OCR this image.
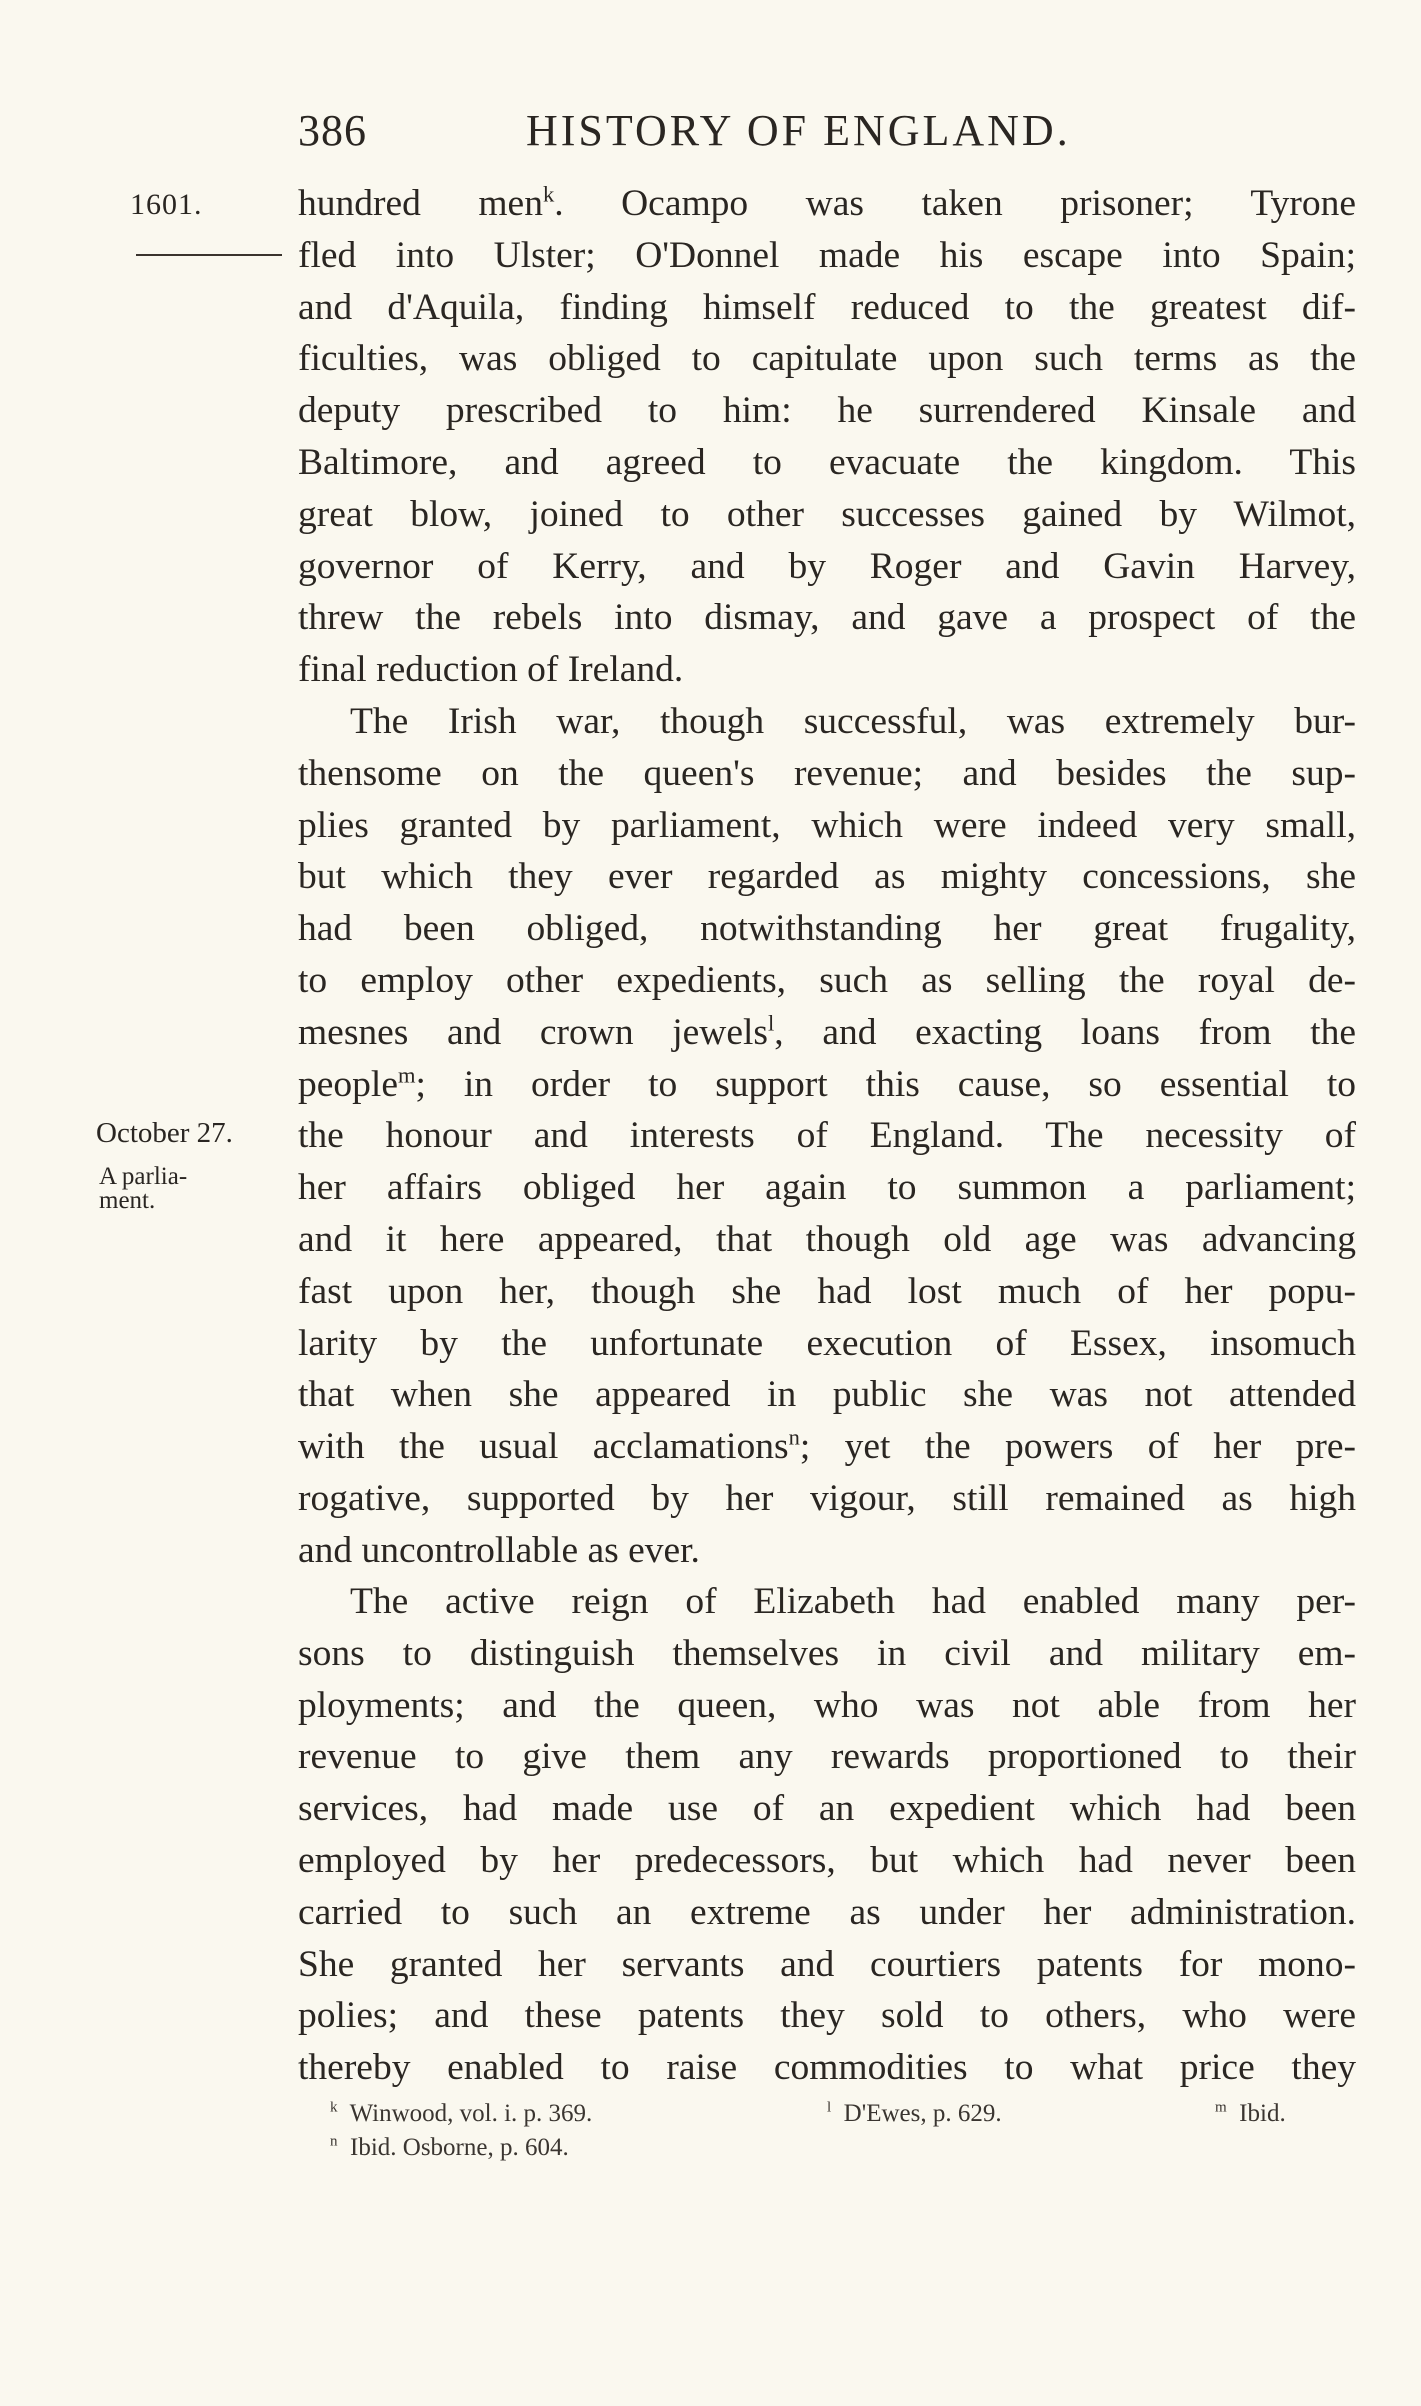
386	HISTORY OF ENGLAND.
1601.
October 27.
A parlia-
ment.
hundred men$^k$. Ocampo was taken prisoner; Tyrone
fled into Ulster; O'Donnel made his escape into Spain;
and d'Aquila, finding himself reduced to the greatest dif-
ficulties, was obliged to capitulate upon such terms as the
deputy prescribed to him: he surrendered Kinsale and
Baltimore, and agreed to evacuate the kingdom. This
great blow, joined to other successes gained by Wilmot,
governor of Kerry, and by Roger and Gavin Harvey,
threw the rebels into dismay, and gave a prospect of the
final reduction of Ireland.
The Irish war, though successful, was extremely bur-
thensome on the queen's revenue; and besides the sup-
plies granted by parliament, which were indeed very small,
but which they ever regarded as mighty concessions, she
had been obliged, notwithstanding her great frugality,
to employ other expedients, such as selling the royal de-
mesnes and crown jewels$^l$, and exacting loans from the
people$^m$; in order to support this cause, so essential to
the honour and interests of England. The necessity of
her affairs obliged her again to summon a parliament;
and it here appeared, that though old age was advancing
fast upon her, though she had lost much of her popu-
larity by the unfortunate execution of Essex, insomuch
that when she appeared in public she was not attended
with the usual acclamations$^n$; yet the powers of her pre-
rogative, supported by her vigour, still remained as high
and uncontrollable as ever.
The active reign of Elizabeth had enabled many per-
sons to distinguish themselves in civil and military em-
ployments; and the queen, who was not able from her
revenue to give them any rewards proportioned to their
services, had made use of an expedient which had been
employed by her predecessors, but which had never been
carried to such an extreme as under her administration.
She granted her servants and courtiers patents for mono-
polies; and these patents they sold to others, who were
thereby enabled to raise commodities to what price they
$^k$ Winwood, vol. i. p. 369.	$^l$ D'Ewes, p. 629.	$^m$ Ibid.
$^n$ Ibid. Osborne, p. 604.
